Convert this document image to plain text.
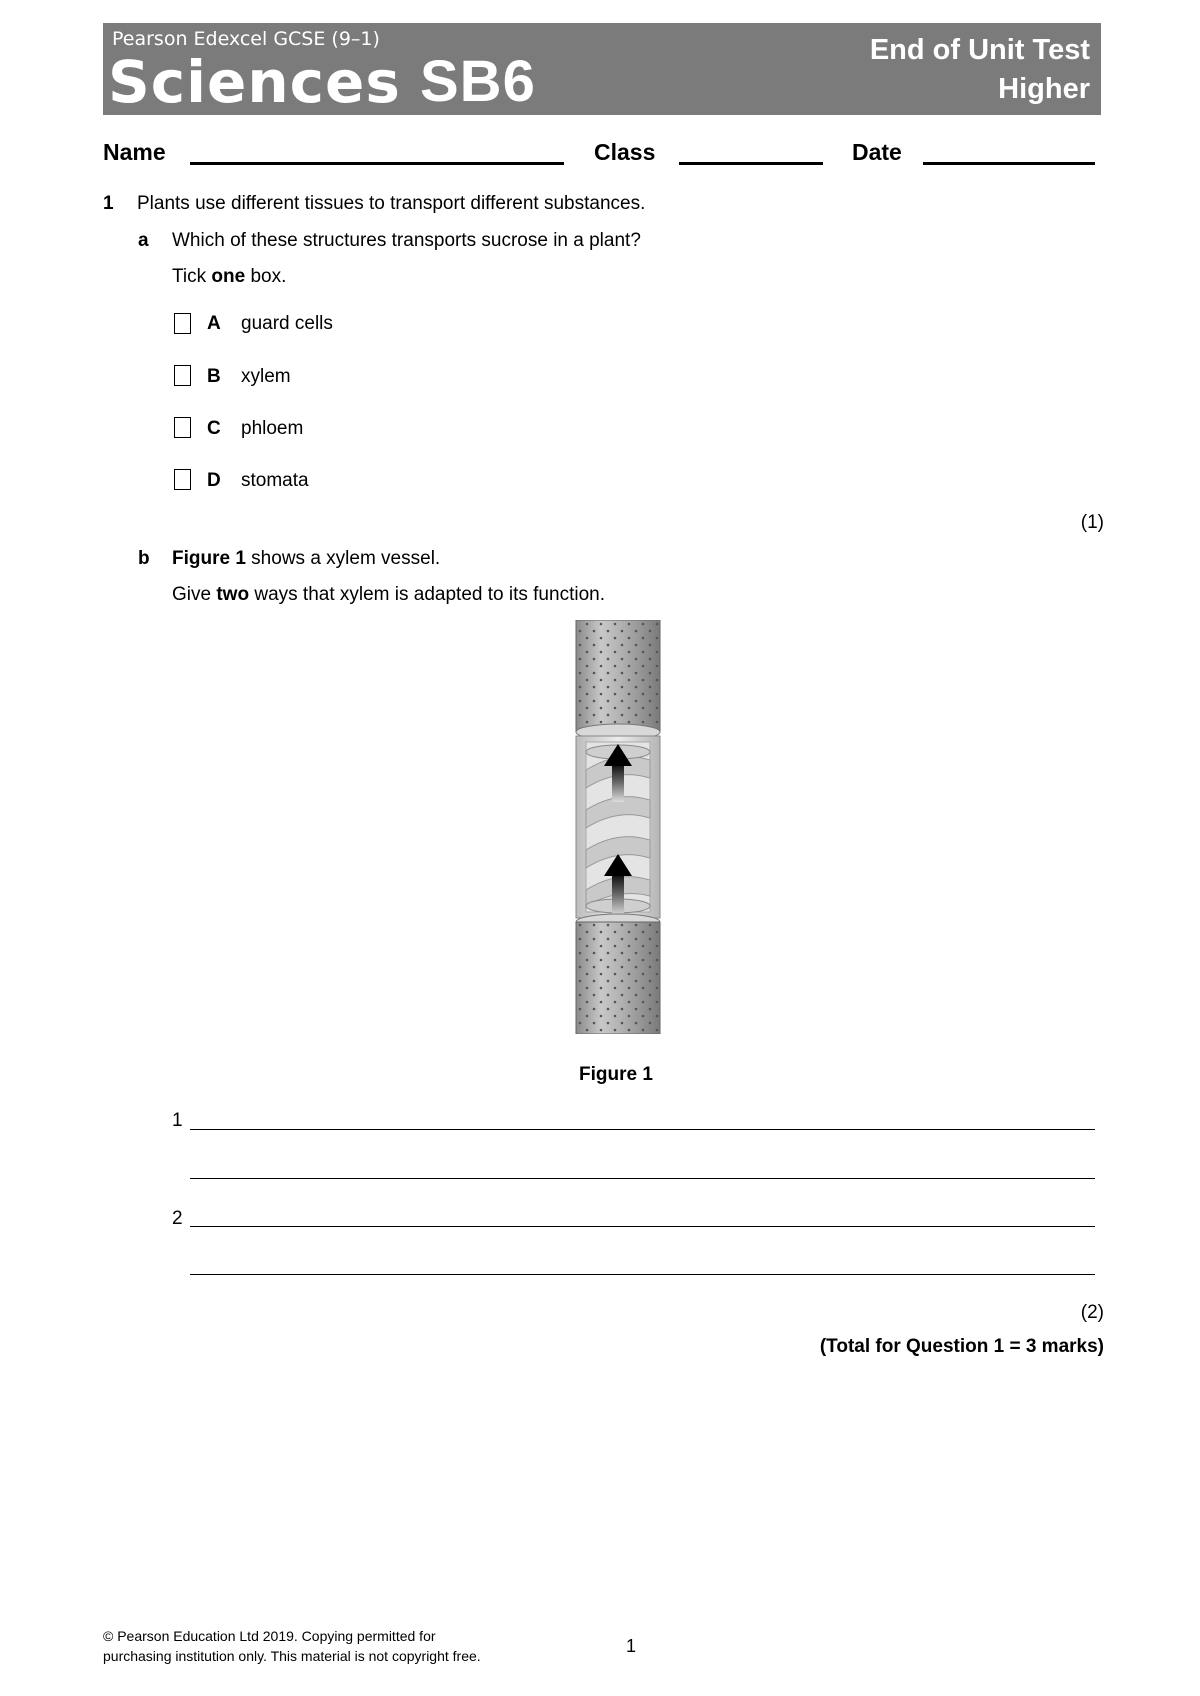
Pearson Edexcel GCSE (9–1)
Sciences SB6	End of Unit Test
Higher
Name	Class	Date
1 Plants use different tissues to transport different substances.
a Which of these structures transports sucrose in a plant?
Tick one box.
A guard cells
B xylem
C phloem
D stomata
(1)
b Figure 1 shows a xylem vessel.
Give two ways that xylem is adapted to its function.
Figure 1
1
2
(2)
(Total for Question 1 = 3 marks)
© Pearson Education Ltd 2019. Copying permitted for
purchasing institution only. This material is not copyright free.	1
